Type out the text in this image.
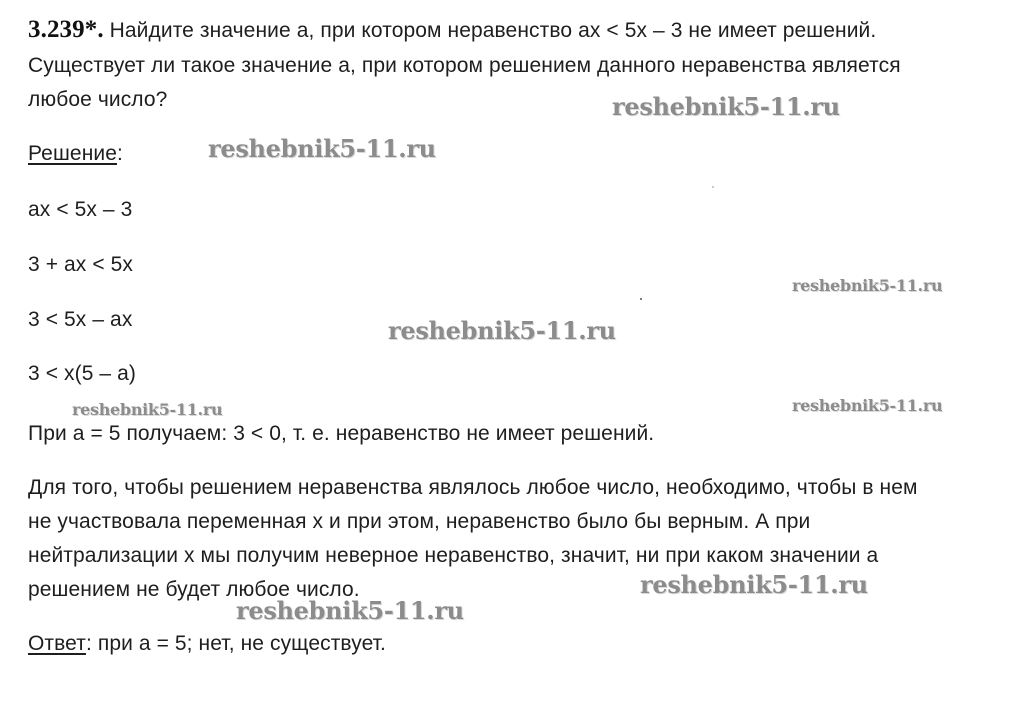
3.239*. Найдите значение а, при котором неравенство ах < 5х – 3 не имеет решений.
Существует ли такое значение а, при котором решением данного неравенства является
любое число?
Решение:
ах < 5х – 3
3 + ах < 5х
3 < 5х – ах
3 < х(5 – а)
При а = 5 получаем: 3 < 0, т. е. неравенство не имеет решений.
Для того, чтобы решением неравенства являлось любое число, необходимо, чтобы в нем
не участвовала переменная х и при этом, неравенство было бы верным. А при
нейтрализации х мы получим неверное неравенство, значит, ни при каком значении а
решением не будет любое число.
Ответ: при а = 5; нет, не существует.
reshebnik5-11.ru
reshebnik5-11.ru
reshebnik5-11.ru
reshebnik5-11.ru
reshebnik5-11.ru	reshebnik5-11.ru
reshebnik5-11.ru
reshebnik5-11.ru
